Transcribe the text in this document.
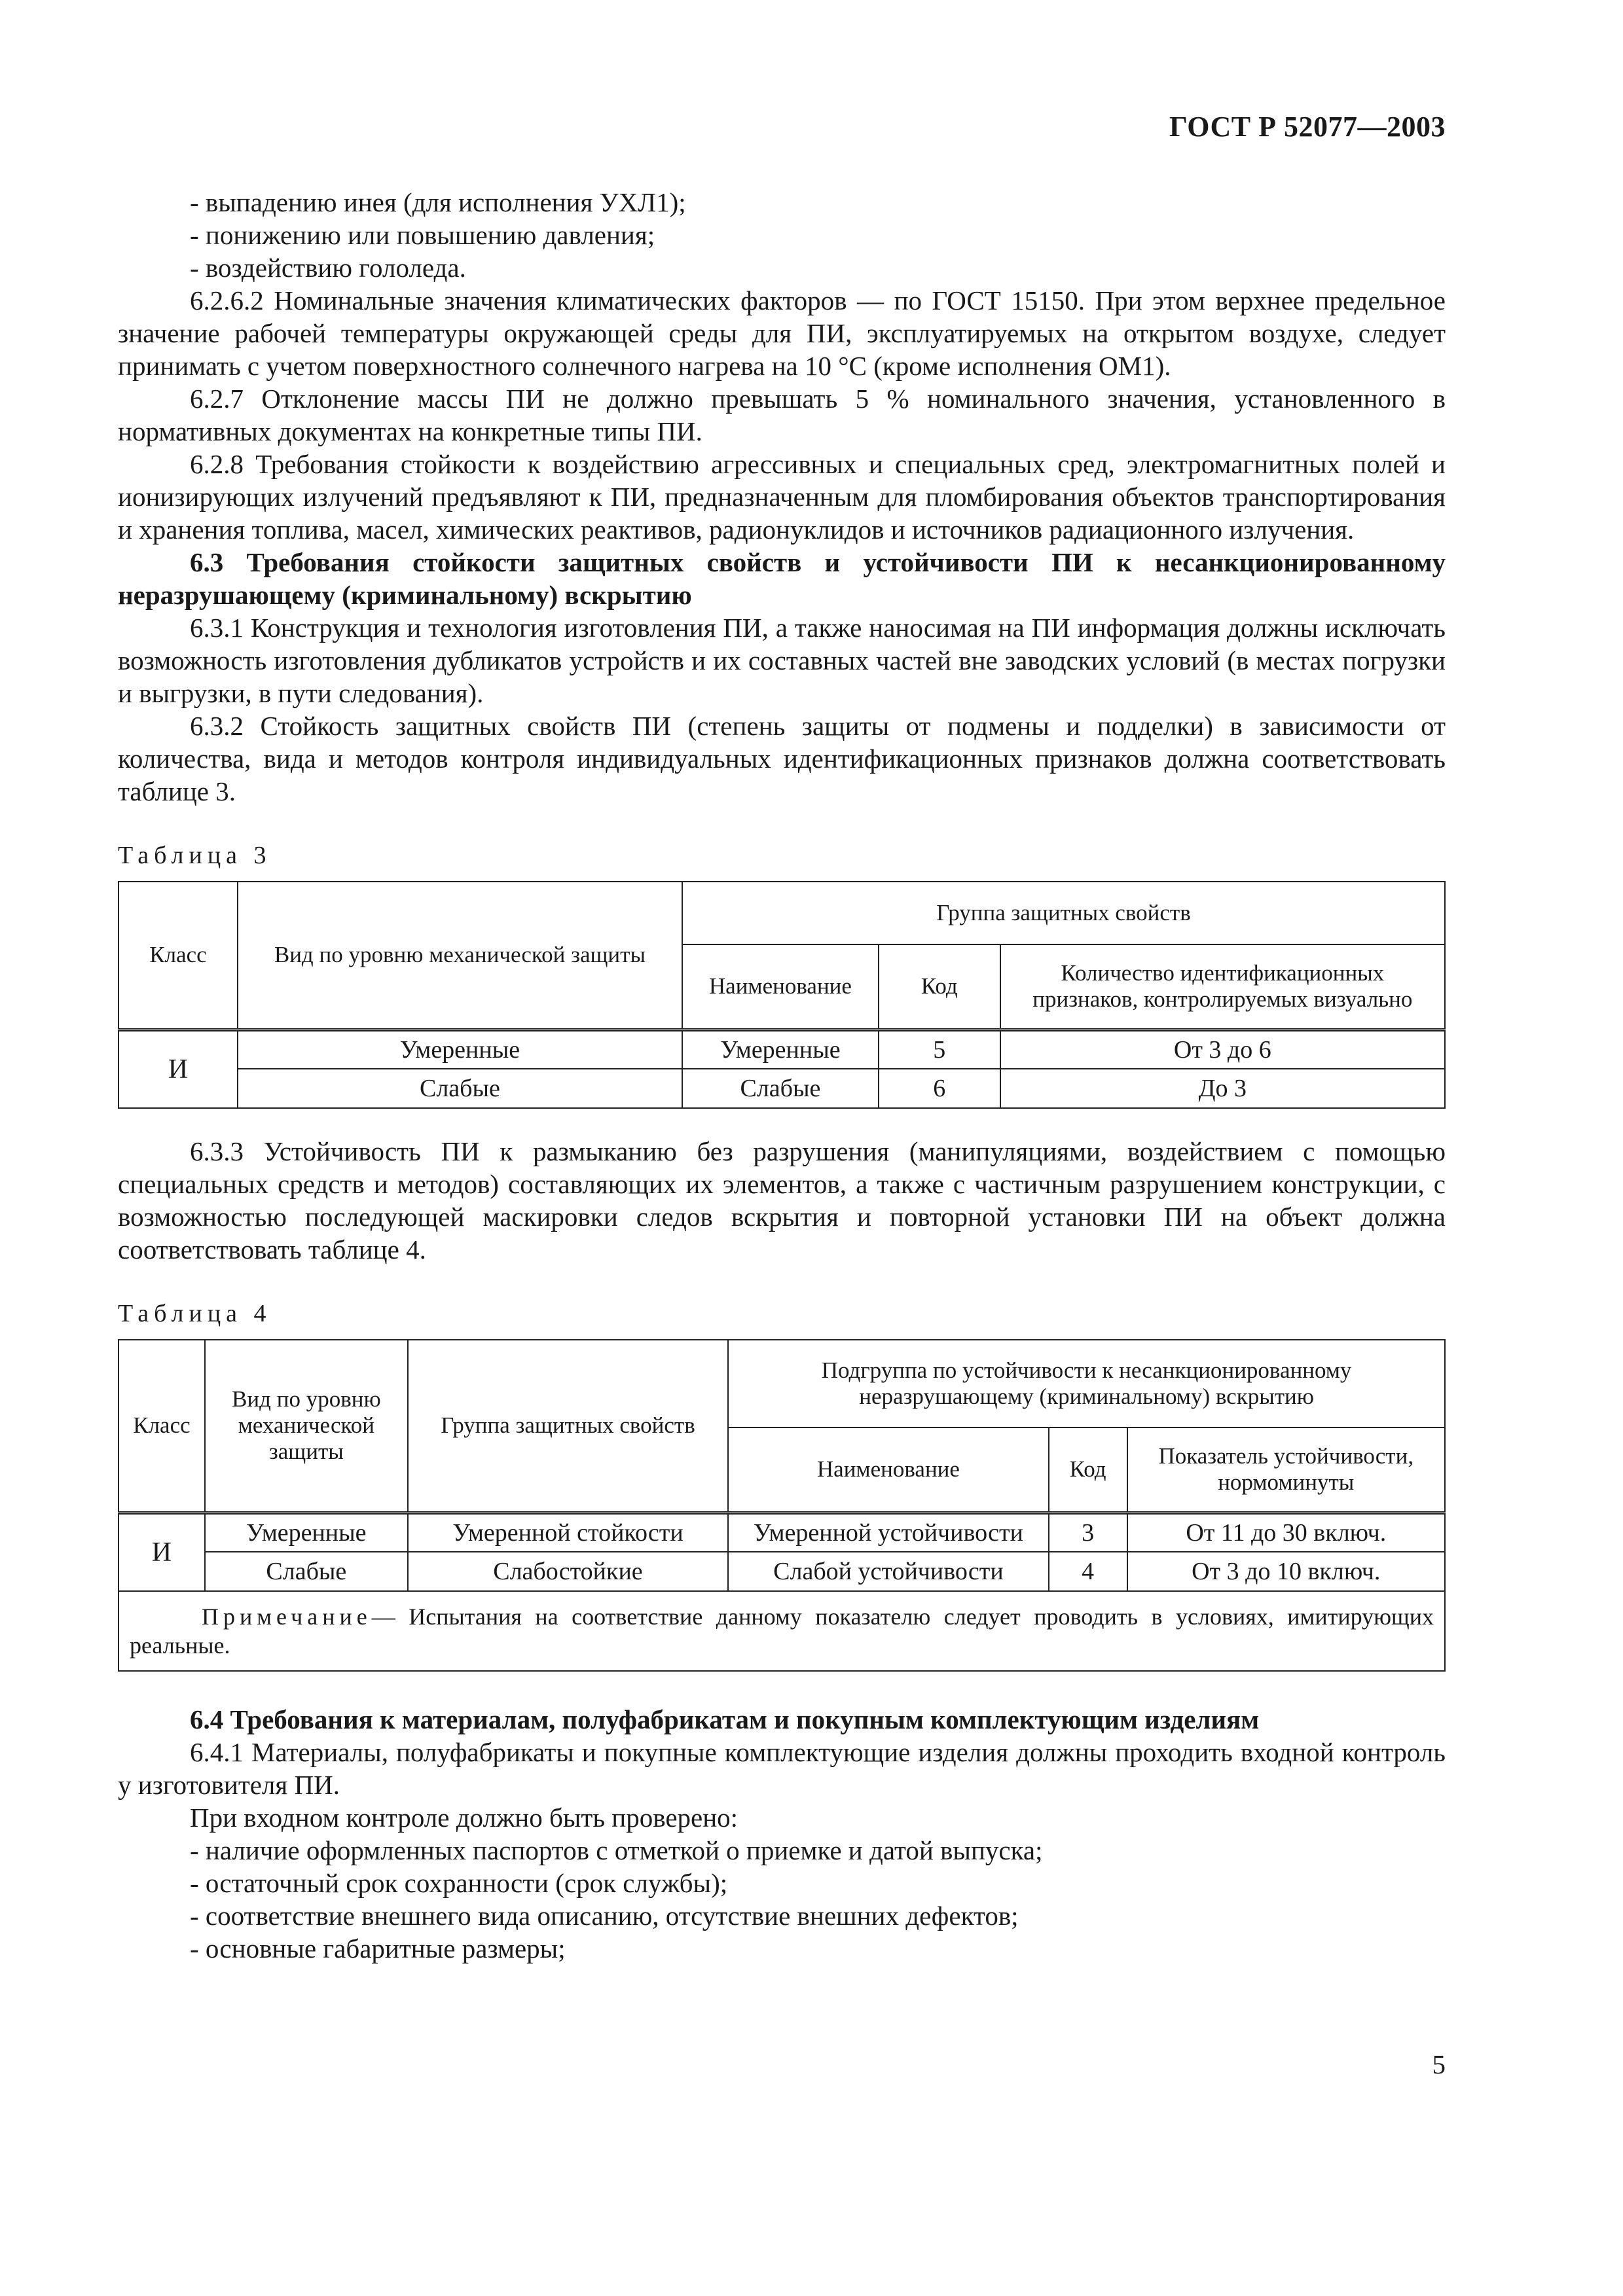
ГОСТ Р 52077—2003

- выпадению инея (для исполнения УХЛ1);

- понижению или повышению давления;

- воздействию гололеда.

6.2.6.2 Номинальные значения климатических факторов — по ГОСТ 15150. При этом верхнее предельное значение рабочей температуры окружающей среды для ПИ, эксплуатируемых на открытом воздухе, следует принимать с учетом поверхностного солнечного нагрева на 10 °С (кроме исполнения ОМ1).

6.2.7 Отклонение массы ПИ не должно превышать 5 % номинального значения, установленного в нормативных документах на конкретные типы ПИ.

6.2.8 Требования стойкости к воздействию агрессивных и специальных сред, электромагнитных полей и ионизирующих излучений предъявляют к ПИ, предназначенным для пломбирования объектов транспортирования и хранения топлива, масел, химических реактивов, радионуклидов и источников радиационного излучения.

6.3 Требования стойкости защитных свойств и устойчивости ПИ к несанкционированному неразрушающему (криминальному) вскрытию

6.3.1 Конструкция и технология изготовления ПИ, а также наносимая на ПИ информация должны исключать возможность изготовления дубликатов устройств и их составных частей вне заводских условий (в местах погрузки и выгрузки, в пути следования).

6.3.2 Стойкость защитных свойств ПИ (степень защиты от подмены и подделки) в зависимости от количества, вида и методов контроля индивидуальных идентификационных признаков должна соответствовать таблице 3.

Таблица 3
Класс	Вид по уровню механической защиты	Группа защитных свойств		
		Наименование	Код	Количество идентификационных признаков, контролируемых визуально
И	Умеренные	Умеренные	5	От 3 до 6
	Слабые	Слабые	6	До 3

6.3.3 Устойчивость ПИ к размыканию без разрушения (манипуляциями, воздействием с помощью специальных средств и методов) составляющих их элементов, а также с частичным разрушением конструкции, с возможностью последующей маскировки следов вскрытия и повторной установки ПИ на объект должна соответствовать таблице 4.

Таблица 4
Класс	Вид по уровню механической защиты	Группа защитных свойств	Подгруппа по устойчивости к несанкционированному неразрушающему (криминальному) вскрытию		
			Наименование	Код	Показатель устойчивости, нормоминуты
И	Умеренные	Умеренной стойкости	Умеренной устойчивости	3	От 11 до 30 включ.
	Слабые	Слабостойкие	Слабой устойчивости	4	От 3 до 10 включ.
Примечание— Испытания на соответствие данному показателю следует проводить в условиях, имитирующих реальные.					

6.4 Требования к материалам, полуфабрикатам и покупным комплектующим изделиям

6.4.1 Материалы, полуфабрикаты и покупные комплектующие изделия должны проходить входной контроль у изготовителя ПИ.

При входном контроле должно быть проверено:

- наличие оформленных паспортов с отметкой о приемке и датой выпуска;

- остаточный срок сохранности (срок службы);

- соответствие внешнего вида описанию, отсутствие внешних дефектов;

- основные габаритные размеры;

5
